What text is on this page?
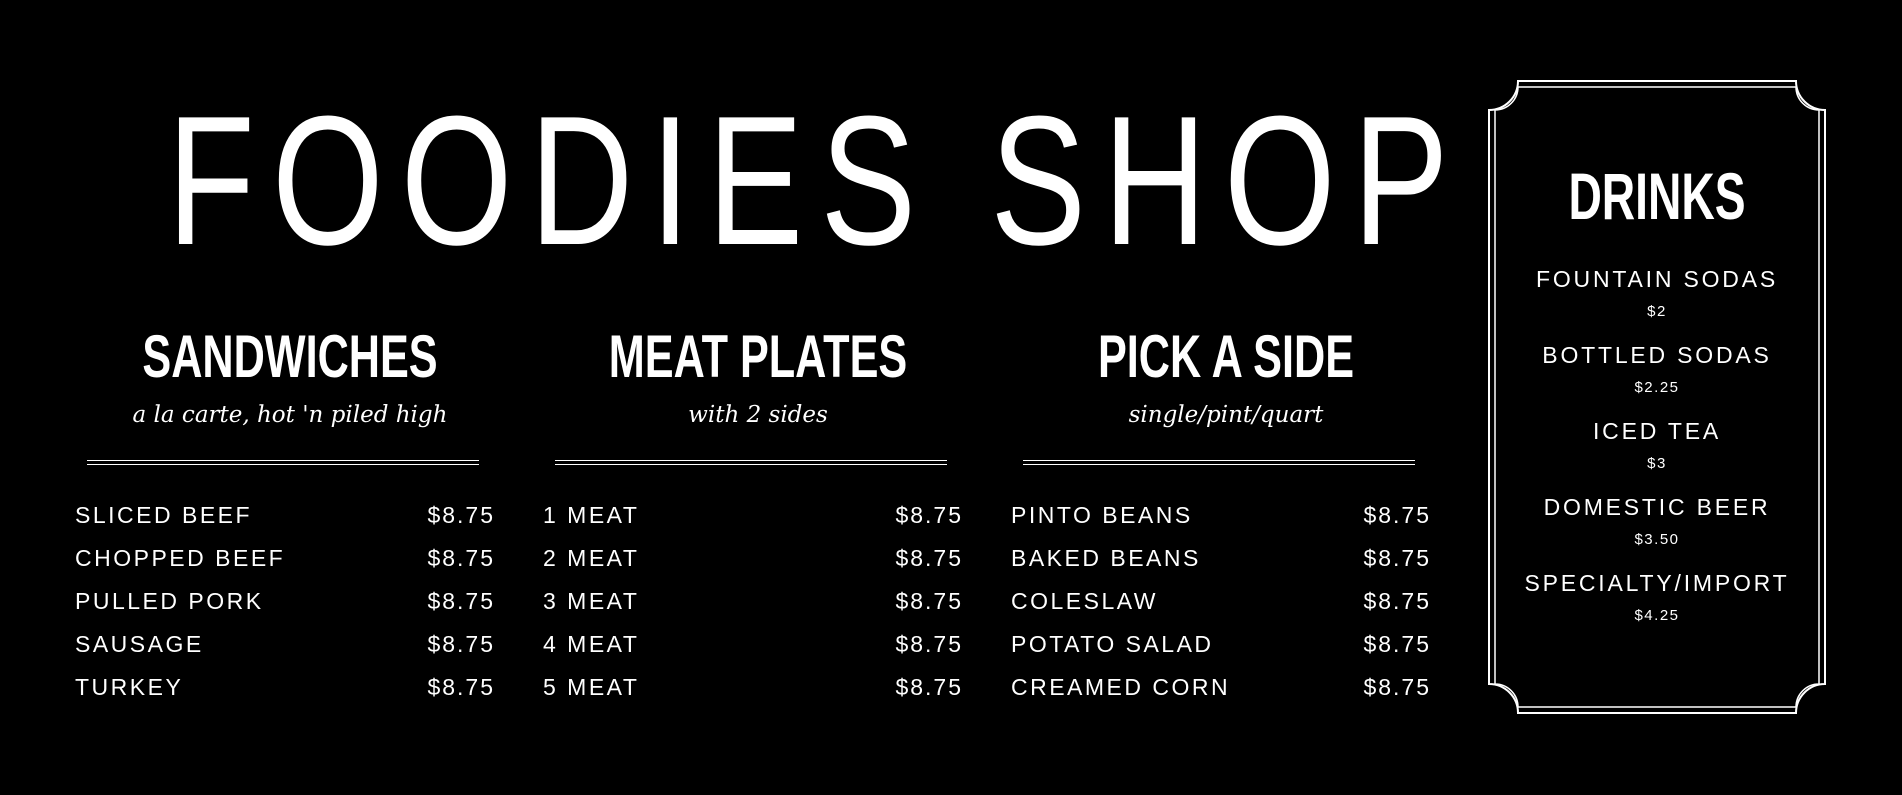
FOODIES SHOP
SANDWICHES
a la carte, hot 'n piled high
SLICED BEEF	$8.75
CHOPPED BEEF	$8.75
PULLED PORK	$8.75
SAUSAGE	$8.75
TURKEY	$8.75
MEAT PLATES
with 2 sides
1 MEAT	$8.75
2 MEAT	$8.75
3 MEAT	$8.75
4 MEAT	$8.75
5 MEAT	$8.75
PICK A SIDE
single/pint/quart
PINTO BEANS	$8.75
BAKED BEANS	$8.75
COLESLAW	$8.75
POTATO SALAD	$8.75
CREAMED CORN	$8.75
DRINKS
FOUNTAIN SODAS
$2
BOTTLED SODAS
$2.25
ICED TEA
$3
DOMESTIC BEER
$3.50
SPECIALTY/IMPORT
$4.25
